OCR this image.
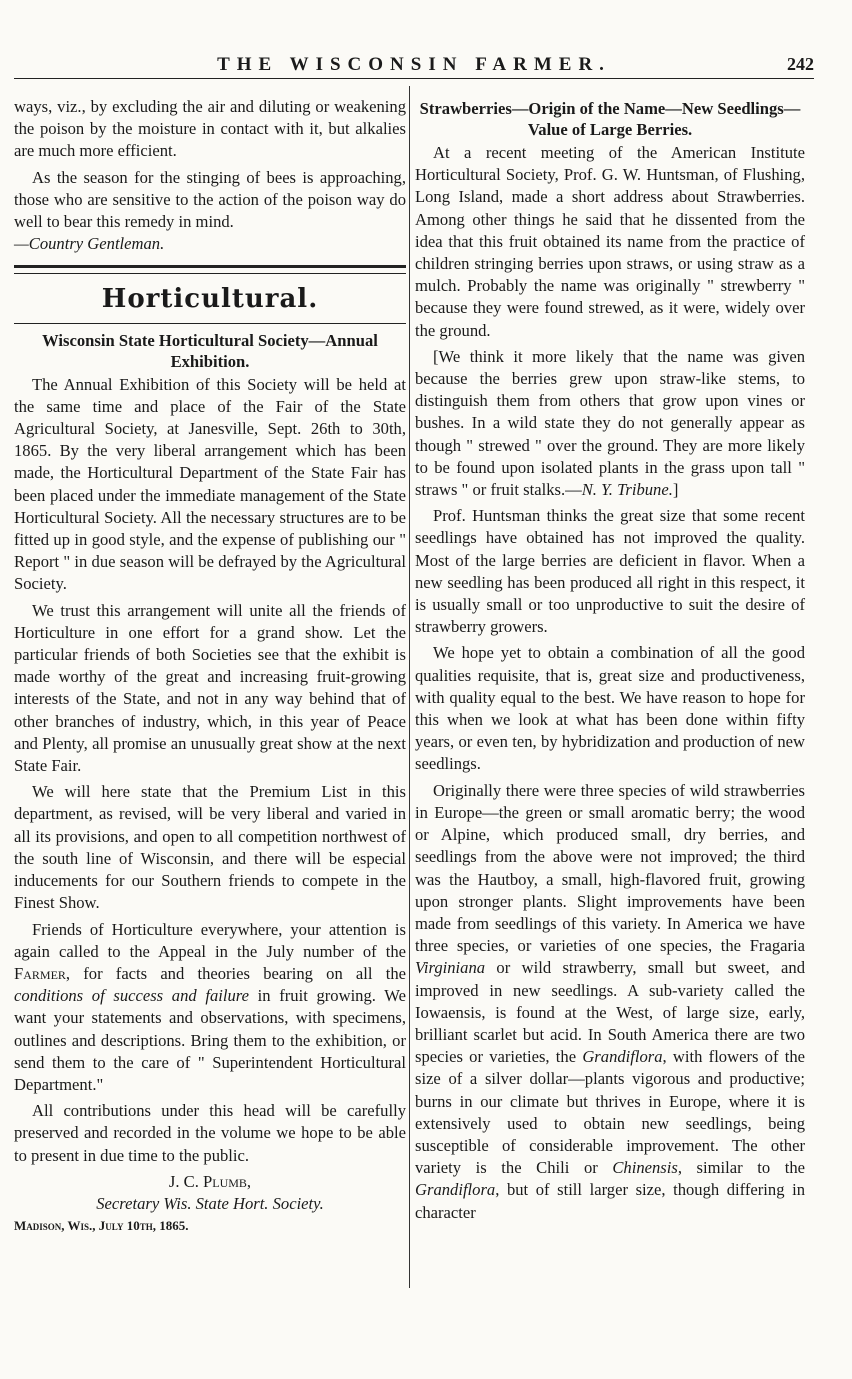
THE WISCONSIN FARMER.	242

ways, viz., by excluding the air and diluting or weakening the poison by the moisture in contact with it, but alkalies are much more efficient.

As the season for the stinging of bees is approaching, those who are sensitive to the action of the poison way do well to bear this remedy in mind.
—Country Gentleman.

Horticultural.
Wisconsin State Horticultural Society—Annual Exhibition.

The Annual Exhibition of this Society will be held at the same time and place of the Fair of the State Agricultural Society, at Janesville, Sept. 26th to 30th, 1865. By the very liberal arrangement which has been made, the Horticultural Department of the State Fair has been placed under the immediate management of the State Horticultural Society. All the necessary structures are to be fitted up in good style, and the expense of publishing our " Report " in due season will be defrayed by the Agricultural Society.

We trust this arrangement will unite all the friends of Horticulture in one effort for a grand show. Let the particular friends of both Societies see that the exhibit is made worthy of the great and increasing fruit-growing interests of the State, and not in any way behind that of other branches of industry, which, in this year of Peace and Plenty, all promise an unusually great show at the next State Fair.

We will here state that the Premium List in this department, as revised, will be very liberal and varied in all its provisions, and open to all competition northwest of the south line of Wisconsin, and there will be especial inducements for our Southern friends to compete in the Finest Show.

Friends of Horticulture everywhere, your attention is again called to the Appeal in the July number of the Farmer, for facts and theories bearing on all the conditions of success and failure in fruit growing. We want your statements and observations, with specimens, outlines and descriptions. Bring them to the exhibition, or send them to the care of " Superintendent Horticultural Department."

All contributions under this head will be carefully preserved and recorded in the volume we hope to be able to present in due time to the public.

J. C. Plumb,
Secretary Wis. State Hort. Society.
Madison, Wis., July 10th, 1865.
Strawberries—Origin of the Name—New Seedlings—Value of Large Berries.

At a recent meeting of the American Institute Horticultural Society, Prof. G. W. Huntsman, of Flushing, Long Island, made a short address about Strawberries. Among other things he said that he dissented from the idea that this fruit obtained its name from the practice of children stringing berries upon straws, or using straw as a mulch. Probably the name was originally " strewberry " because they were found strewed, as it were, widely over the ground.

[We think it more likely that the name was given because the berries grew upon straw-like stems, to distinguish them from others that grow upon vines or bushes. In a wild state they do not generally appear as though " strewed " over the ground. They are more likely to be found upon isolated plants in the grass upon tall " straws " or fruit stalks.—N. Y. Tribune.]

Prof. Huntsman thinks the great size that some recent seedlings have obtained has not improved the quality. Most of the large berries are deficient in flavor. When a new seedling has been produced all right in this respect, it is usually small or too unproductive to suit the desire of strawberry growers.

We hope yet to obtain a combination of all the good qualities requisite, that is, great size and productiveness, with quality equal to the best. We have reason to hope for this when we look at what has been done within fifty years, or even ten, by hybridization and production of new seedlings.

Originally there were three species of wild strawberries in Europe—the green or small aromatic berry; the wood or Alpine, which produced small, dry berries, and seedlings from the above were not improved; the third was the Hautboy, a small, high-flavored fruit, growing upon stronger plants. Slight improvements have been made from seedlings of this variety. In America we have three species, or varieties of one species, the Fragaria Virginiana or wild strawberry, small but sweet, and improved in new seedlings. A sub-variety called the Iowaensis, is found at the West, of large size, early, brilliant scarlet but acid. In South America there are two species or varieties, the Grandiflora, with flowers of the size of a silver dollar—plants vigorous and productive; burns in our climate but thrives in Europe, where it is extensively used to obtain new seedlings, being susceptible of considerable improvement. The other variety is the Chili or Chinensis, similar to the Grandiflora, but of still larger size, though differing in character
